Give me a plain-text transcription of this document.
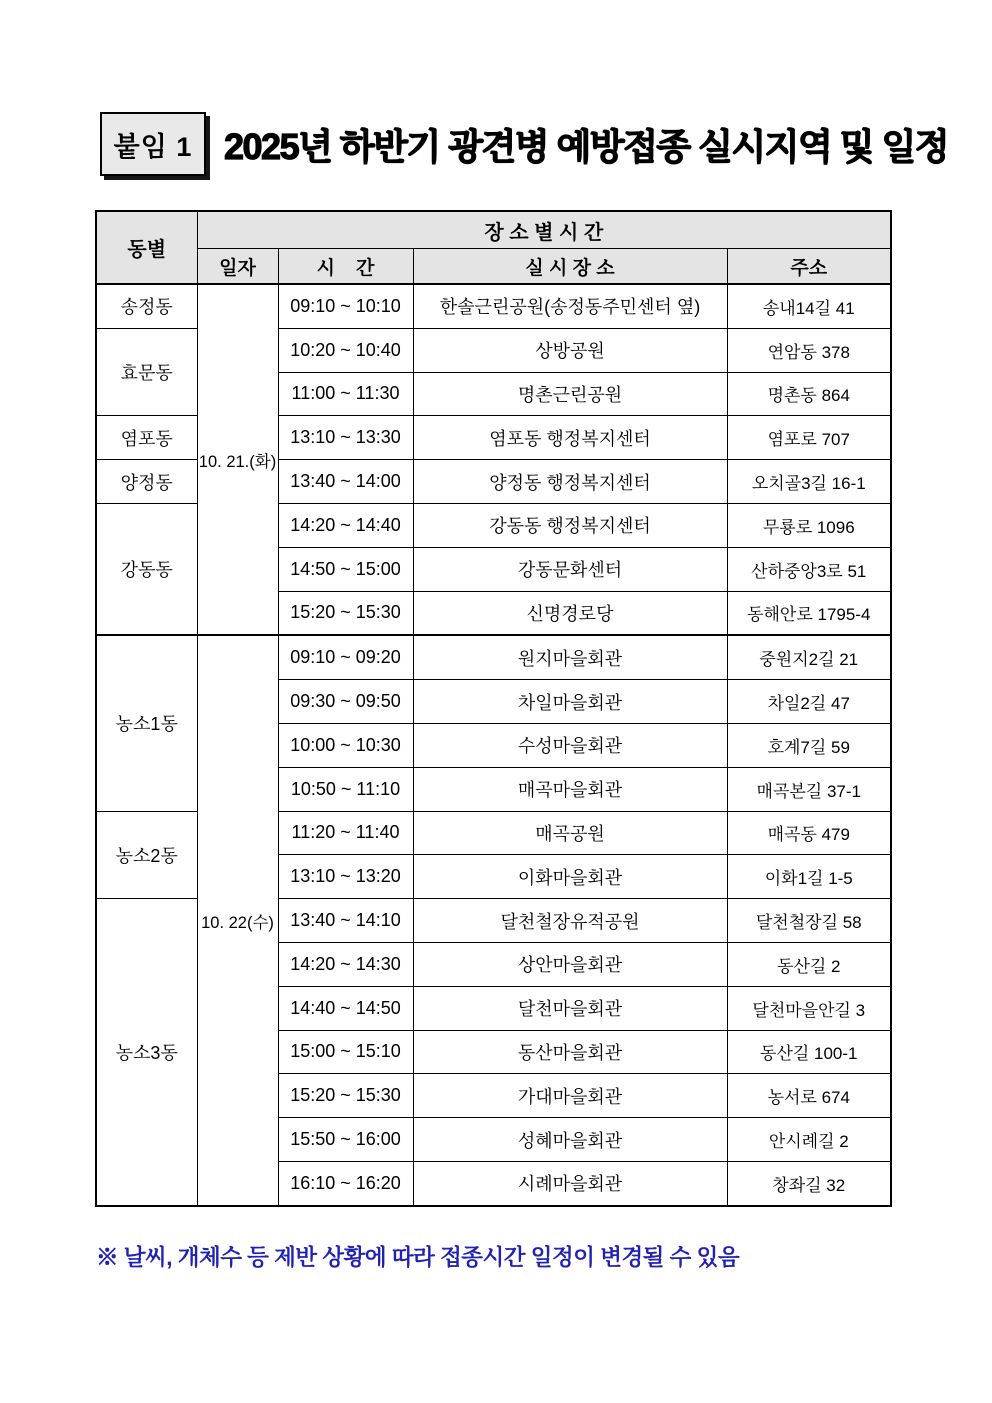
붙임 1 2025년 하반기 광견병 예방접종 실시지역 및 일정
동별	장 소 별 시 간			
	일자	시    간	실 시 장 소	주소
송정동	10. 21.(화)	09:10 ~ 10:10	한솔근린공원(송정동주민센터 옆)	송내14길 41
효문동		10:20 ~ 10:40	상방공원	연암동 378
		11:00 ~ 11:30	명촌근린공원	명촌동 864
염포동		13:10 ~ 13:30	염포동 행정복지센터	염포로 707
양정동		13:40 ~ 14:00	양정동 행정복지센터	오치골3길 16-1
강동동		14:20 ~ 14:40	강동동 행정복지센터	무룡로 1096
		14:50 ~ 15:00	강동문화센터	산하중앙3로 51
		15:20 ~ 15:30	신명경로당	동해안로 1795-4
농소1동	10. 22(수)	09:10 ~ 09:20	원지마을회관	중원지2길 21
		09:30 ~ 09:50	차일마을회관	차일2길 47
		10:00 ~ 10:30	수성마을회관	호계7길 59
		10:50 ~ 11:10	매곡마을회관	매곡본길 37-1
농소2동		11:20 ~ 11:40	매곡공원	매곡동 479
		13:10 ~ 13:20	이화마을회관	이화1길 1-5
농소3동		13:40 ~ 14:10	달천철장유적공원	달천철장길 58
		14:20 ~ 14:30	상안마을회관	동산길 2
		14:40 ~ 14:50	달천마을회관	달천마을안길 3
		15:00 ~ 15:10	동산마을회관	동산길 100-1
		15:20 ~ 15:30	가대마을회관	농서로 674
		15:50 ~ 16:00	성혜마을회관	안시례길 2
		16:10 ~ 16:20	시례마을회관	창좌길 32

※ 날씨, 개체수 등 제반 상황에 따라 접종시간 일정이 변경될 수 있음
